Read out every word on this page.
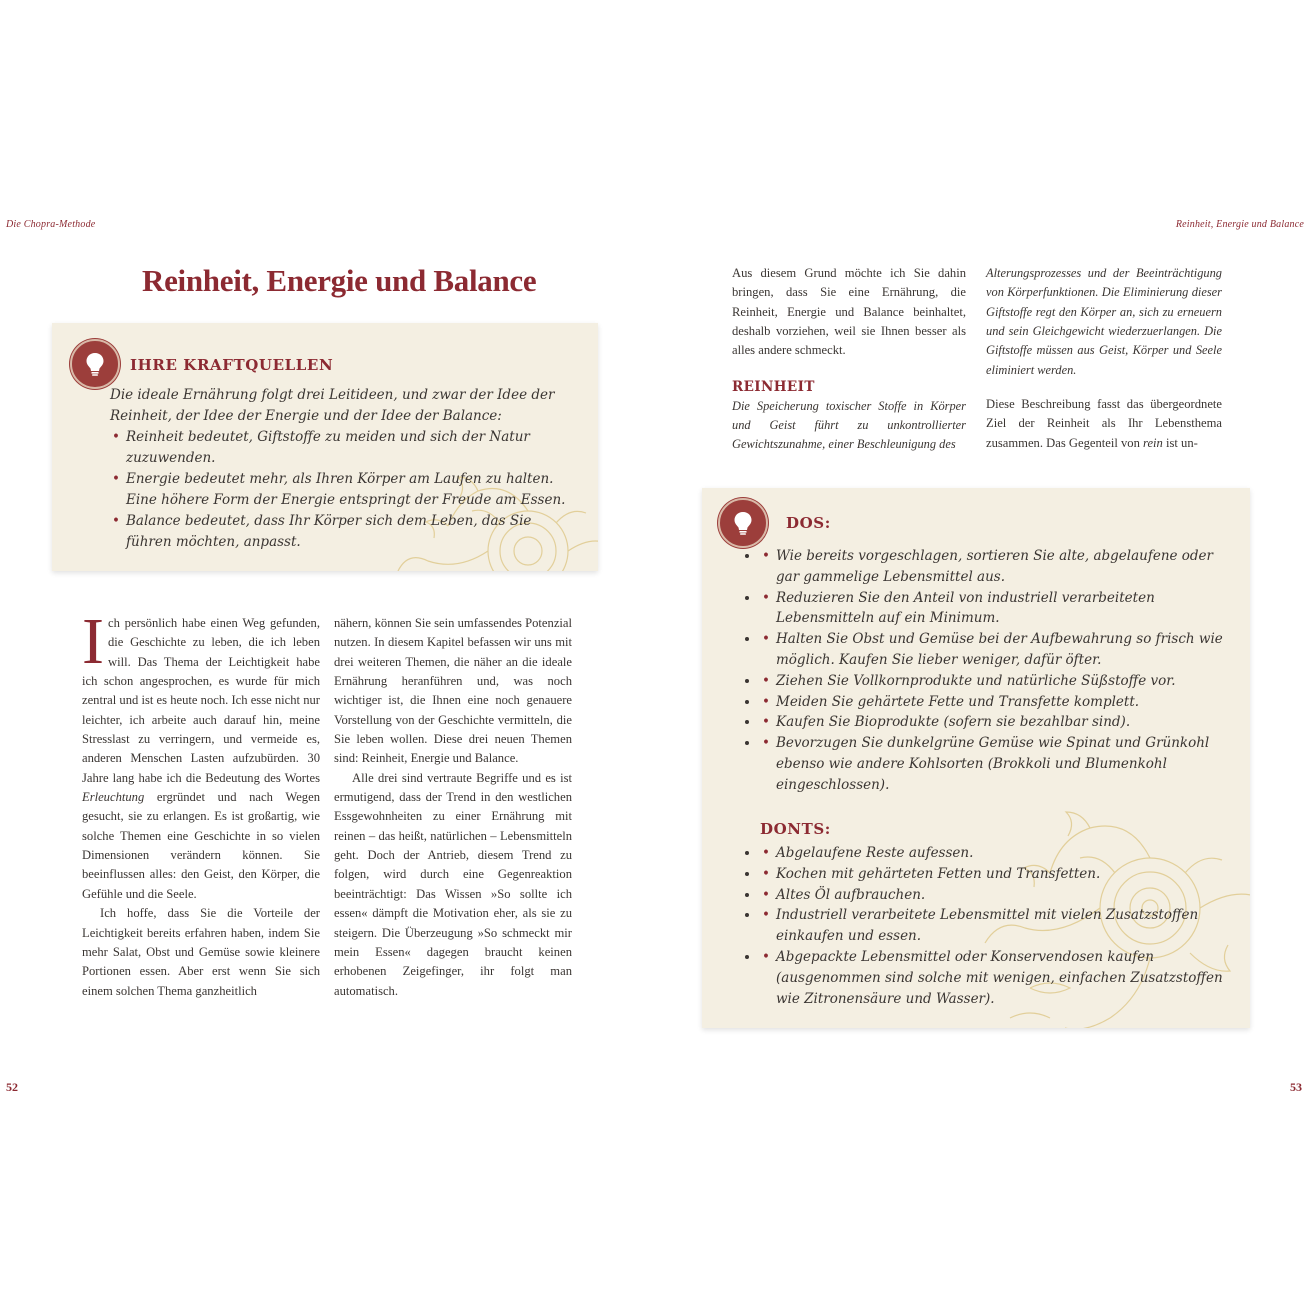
Die Chopra-Methode	Reinheit, Energie und Balance
Reinheit, Energie und Balance
IHRE KRAFTQUELLEN

Die ideale Ernährung folgt drei Leitideen, und zwar der Idee der Reinheit, der Idee der Energie und der Idee der Balance:

• Reinheit bedeutet, Giftstoffe zu meiden und sich der Natur zuzuwenden.
• Energie bedeutet mehr, als Ihren Körper am Laufen zu halten. Eine höhere Form der Energie entspringt der Freude am Essen.
• Balance bedeutet, dass Ihr Körper sich dem Leben, das Sie führen möchten, anpasst.

Ich persönlich habe einen Weg gefunden, die Geschichte zu leben, die ich leben will. Das Thema der Leichtigkeit habe ich schon angesprochen, es wurde für mich zentral und ist es heute noch. Ich esse nicht nur leichter, ich arbeite auch darauf hin, meine Stresslast zu verringern, und vermeide es, anderen Menschen Lasten aufzubürden. 30 Jahre lang habe ich die Bedeutung des Wortes Erleuchtung ergründet und nach Wegen gesucht, sie zu erlangen. Es ist großartig, wie solche Themen eine Geschichte in so vielen Dimensionen verändern können. Sie beeinflussen alles: den Geist, den Körper, die Gefühle und die Seele.

Ich hoffe, dass Sie die Vorteile der Leichtigkeit bereits erfahren haben, indem Sie mehr Salat, Obst und Gemüse sowie kleinere Portionen essen. Aber erst wenn Sie sich einem solchen Thema ganzheitlich

nähern, können Sie sein umfassendes Potenzial nutzen. In diesem Kapitel befassen wir uns mit drei weiteren Themen, die näher an die ideale Ernährung heranführen und, was noch wichtiger ist, die Ihnen eine noch genauere Vorstellung von der Geschichte vermitteln, die Sie leben wollen. Diese drei neuen Themen sind: Reinheit, Energie und Balance.

Alle drei sind vertraute Begriffe und es ist ermutigend, dass der Trend in den westlichen Essgewohnheiten zu einer Ernährung mit reinen – das heißt, natürlichen – Lebensmitteln geht. Doch der Antrieb, diesem Trend zu folgen, wird durch eine Gegenreaktion beeinträchtigt: Das Wissen »So sollte ich essen« dämpft die Motivation eher, als sie zu steigern. Die Überzeugung »So schmeckt mir mein Essen« dagegen braucht keinen erhobenen Zeigefinger, ihr folgt man automatisch.

Aus diesem Grund möchte ich Sie dahin bringen, dass Sie eine Ernährung, die Reinheit, Energie und Balance beinhaltet, deshalb vorziehen, weil sie Ihnen besser als alles andere schmeckt.

REINHEIT

Die Speicherung toxischer Stoffe in Körper und Geist führt zu unkontrollierter Gewichtszunahme, einer Beschleunigung des

Alterungsprozesses und der Beeinträchtigung von Körperfunktionen. Die Eliminierung dieser Giftstoffe regt den Körper an, sich zu erneuern und sein Gleichgewicht wiederzuerlangen. Die Giftstoffe müssen aus Geist, Körper und Seele eliminiert werden.

Diese Beschreibung fasst das übergeordnete Ziel der Reinheit als Ihr Lebensthema zusammen. Das Gegenteil von rein ist un-

DOS:
• • Wie bereits vorgeschlagen, sortieren Sie alte, abgelaufene oder gar gammelige Lebensmittel aus.
• • Reduzieren Sie den Anteil von industriell verarbeiteten Lebensmitteln auf ein Minimum.
• • Halten Sie Obst und Gemüse bei der Aufbewahrung so frisch wie möglich. Kaufen Sie lieber weniger, dafür öfter.
• • Ziehen Sie Vollkornprodukte und natürliche Süßstoffe vor.
• • Meiden Sie gehärtete Fette und Transfette komplett.
• • Kaufen Sie Bioprodukte (sofern sie bezahlbar sind).
• • Bevorzugen Sie dunkelgrüne Gemüse wie Spinat und Grünkohl ebenso wie andere Kohlsorten (Brokkoli und Blumenkohl eingeschlossen).
DONTS:
• • Abgelaufene Reste aufessen.
• • Kochen mit gehärteten Fetten und Transfetten.
• • Altes Öl aufbrauchen.
• • Industriell verarbeitete Lebensmittel mit vielen Zusatzstoffen einkaufen und essen.
• • Abgepackte Lebensmittel oder Konservendosen kaufen (ausgenommen sind solche mit wenigen, einfachen Zusatzstoffen wie Zitronensäure und Wasser).
52	53
